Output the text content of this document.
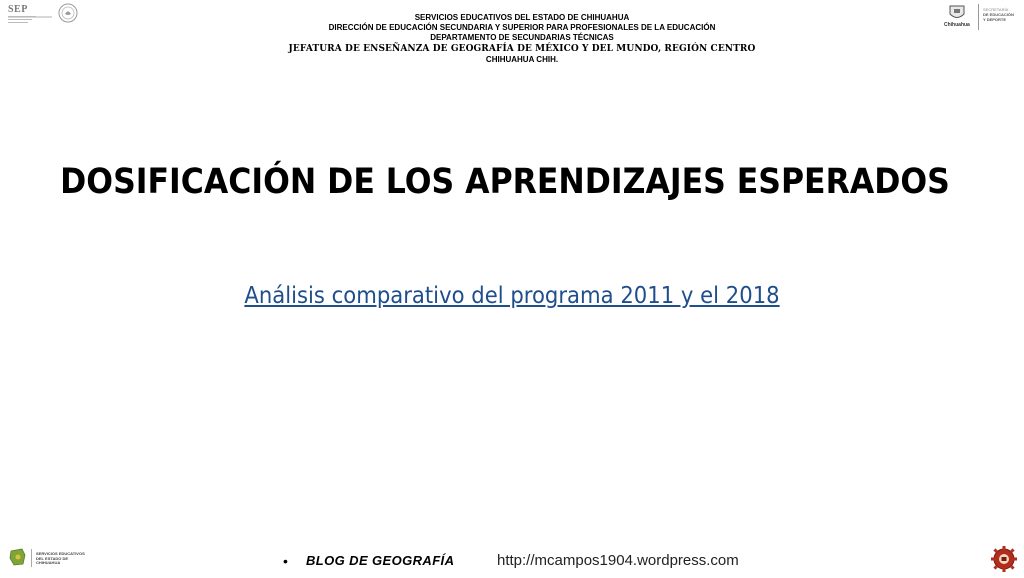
SEP
SERVICIOS EDUCATIVOS DEL ESTADO DE CHIHUAHUA
DIRECCIÓN DE EDUCACIÓN SECUNDARIA Y SUPERIOR PARA PROFESIONALES DE LA EDUCACIÓN
DEPARTAMENTO DE SECUNDARIAS TÉCNICAS
JEFATURA DE ENSEÑANZA DE GEOGRAFÍA DE MÉXICO Y DEL MUNDO, REGIÓN CENTRO
CHIHUAHUA CHIH.
Chihuahua
SECRETARÍA
DE EDUCACIÓN
Y DEPORTE
DOSIFICACIÓN DE LOS APRENDIZAJES ESPERADOS
Análisis comparativo del programa 2011 y el 2018
SERVICIOS EDUCATIVOS
DEL ESTADO DE
CHIHUAHUA	• BLOG DE GEOGRAFÍA	http://mcampos1904.wordpress.com
